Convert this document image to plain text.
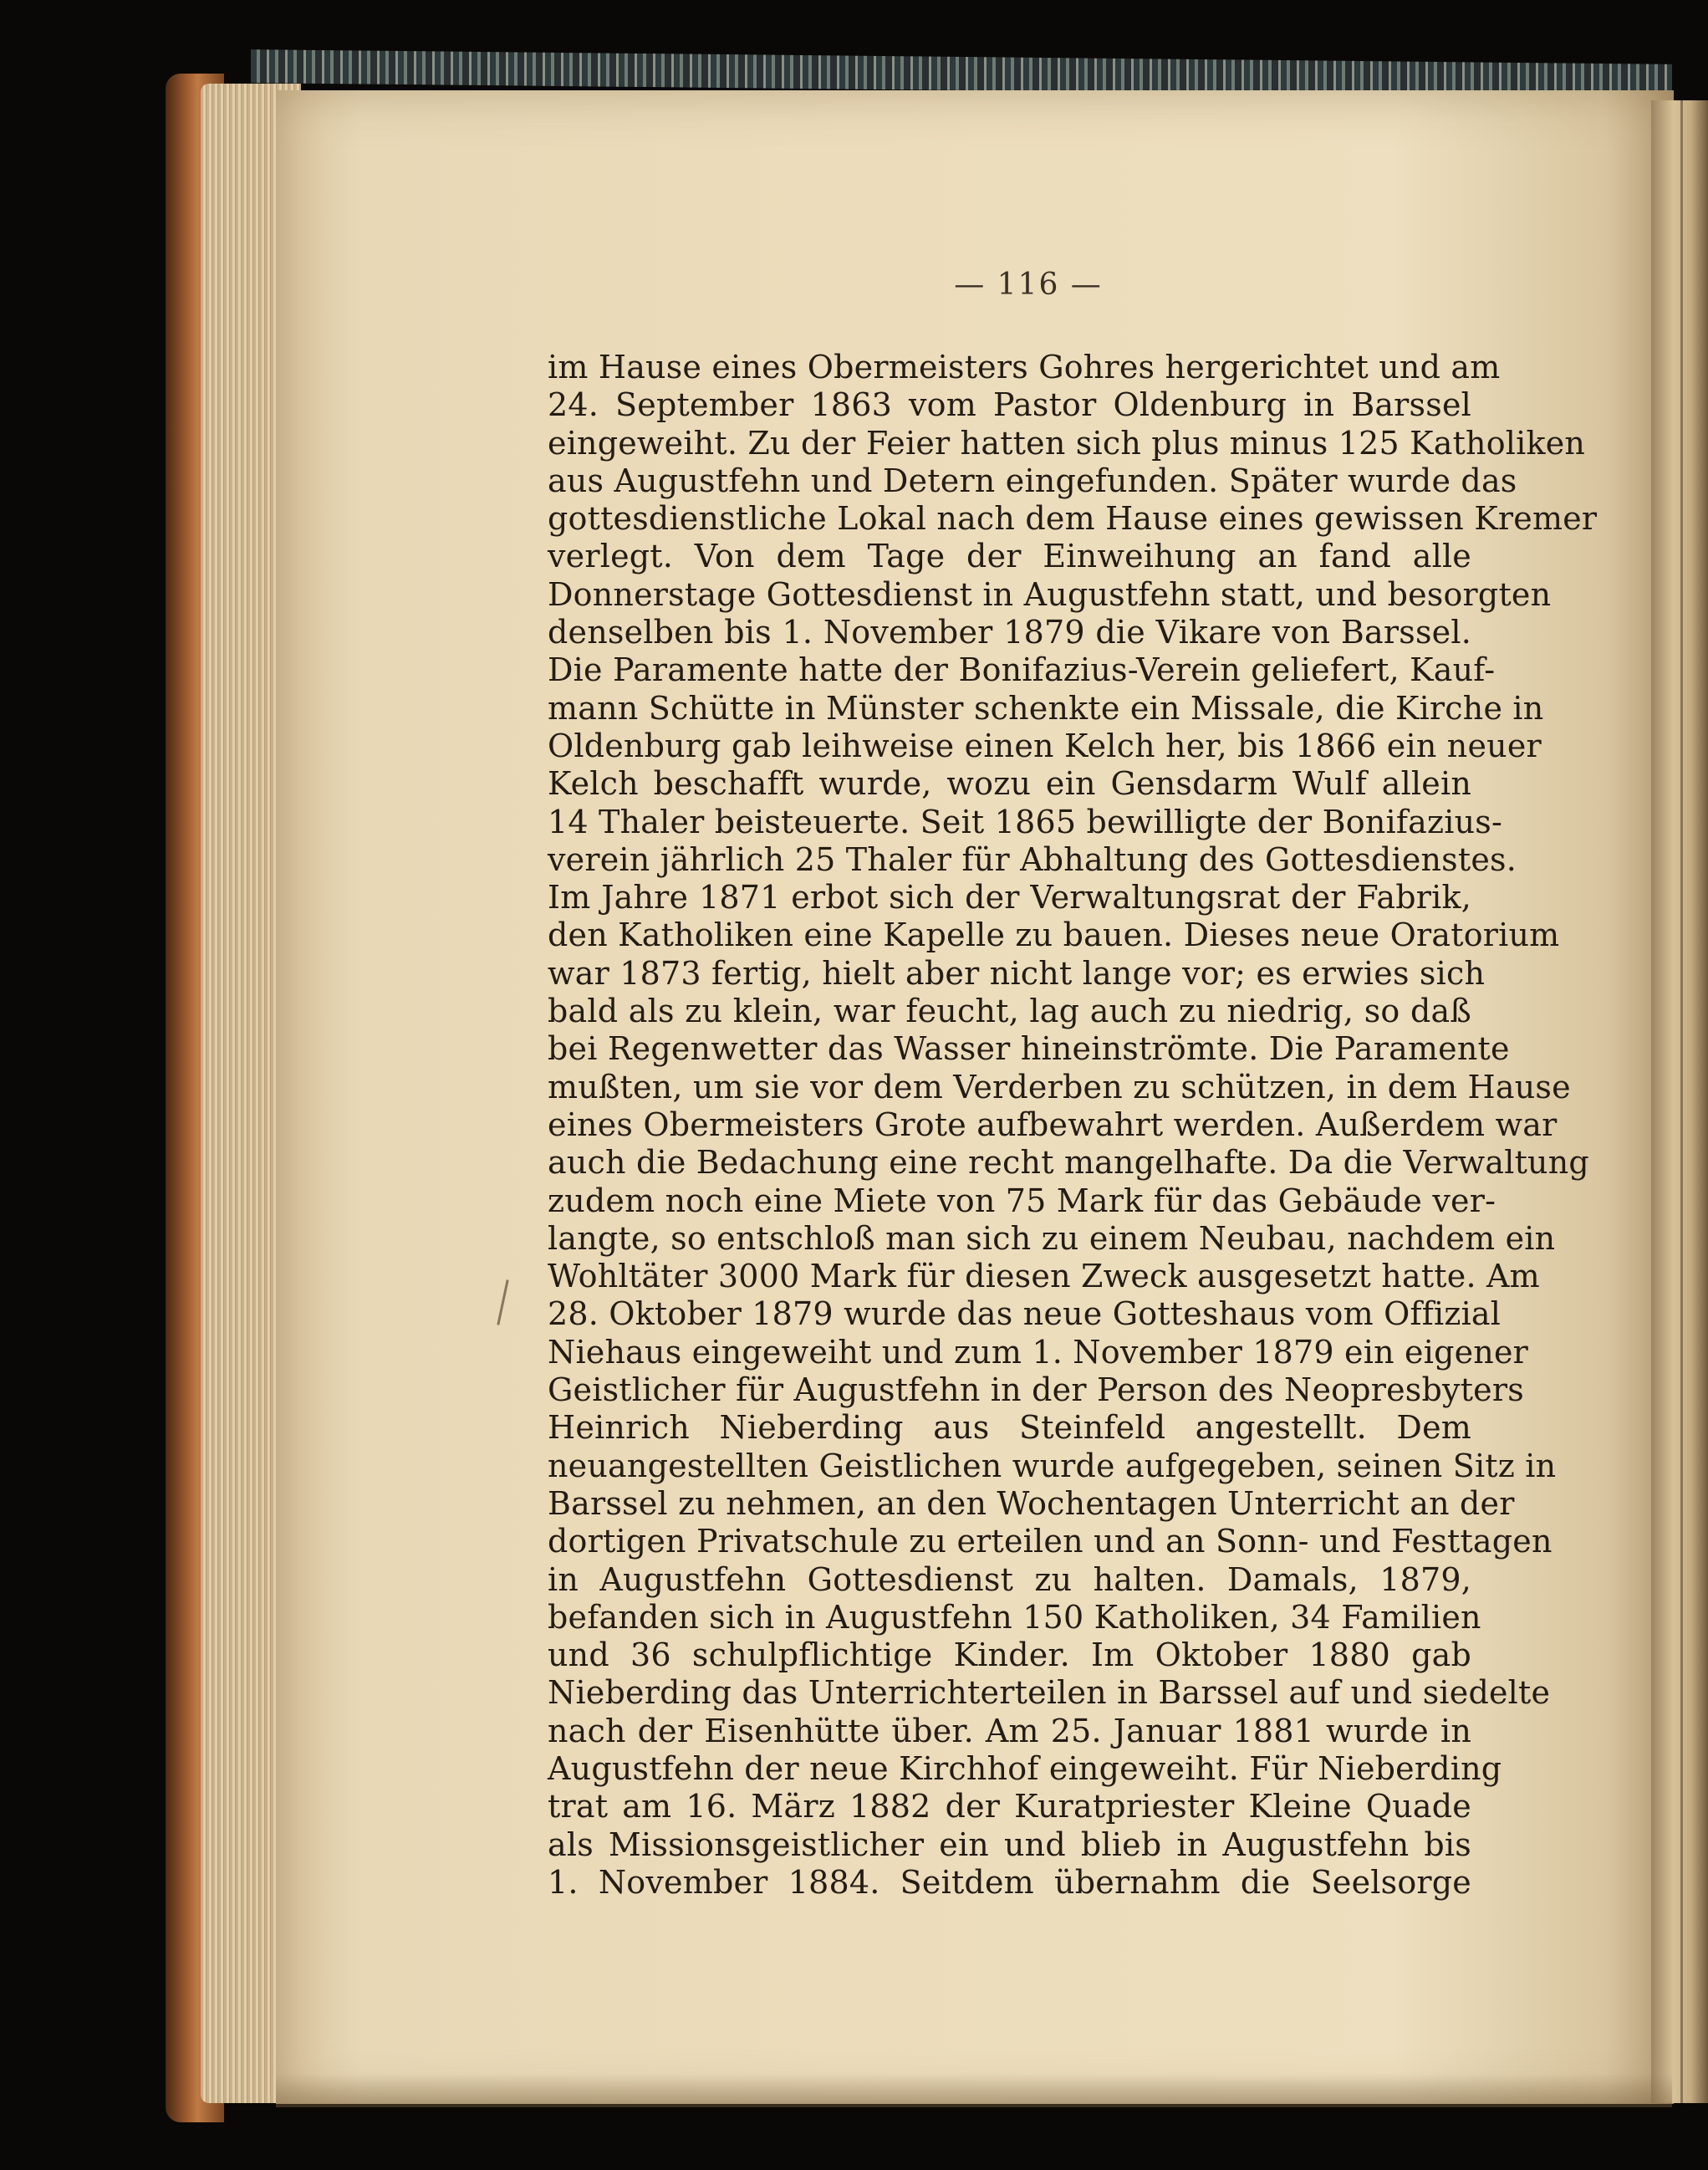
— 116 —
im Hause eines Obermeisters Gohres hergerichtet und am
24. September 1863 vom Pastor Oldenburg in Barssel
eingeweiht. Zu der Feier hatten sich plus minus 125 Katholiken
aus Augustfehn und Detern eingefunden. Später wurde das
gottesdienstliche Lokal nach dem Hause eines gewissen Kremer
verlegt. Von dem Tage der Einweihung an fand alle
Donnerstage Gottesdienst in Augustfehn statt, und besorgten
denselben bis 1. November 1879 die Vikare von Barssel.
Die Paramente hatte der Bonifazius-Verein geliefert, Kauf-
mann Schütte in Münster schenkte ein Missale, die Kirche in
Oldenburg gab leihweise einen Kelch her, bis 1866 ein neuer
Kelch beschafft wurde, wozu ein Gensdarm Wulf allein
14 Thaler beisteuerte. Seit 1865 bewilligte der Bonifazius-
verein jährlich 25 Thaler für Abhaltung des Gottesdienstes.
Im Jahre 1871 erbot sich der Verwaltungsrat der Fabrik,
den Katholiken eine Kapelle zu bauen. Dieses neue Oratorium
war 1873 fertig, hielt aber nicht lange vor; es erwies sich
bald als zu klein, war feucht, lag auch zu niedrig, so daß
bei Regenwetter das Wasser hineinströmte. Die Paramente
mußten, um sie vor dem Verderben zu schützen, in dem Hause
eines Obermeisters Grote aufbewahrt werden. Außerdem war
auch die Bedachung eine recht mangelhafte. Da die Verwaltung
zudem noch eine Miete von 75 Mark für das Gebäude ver-
langte, so entschloß man sich zu einem Neubau, nachdem ein
Wohltäter 3000 Mark für diesen Zweck ausgesetzt hatte. Am
28. Oktober 1879 wurde das neue Gotteshaus vom Offizial
Niehaus eingeweiht und zum 1. November 1879 ein eigener
Geistlicher für Augustfehn in der Person des Neopresbyters
Heinrich Nieberding aus Steinfeld angestellt. Dem
neuangestellten Geistlichen wurde aufgegeben, seinen Sitz in
Barssel zu nehmen, an den Wochentagen Unterricht an der
dortigen Privatschule zu erteilen und an Sonn- und Festtagen
in Augustfehn Gottesdienst zu halten. Damals, 1879,
befanden sich in Augustfehn 150 Katholiken, 34 Familien
und 36 schulpflichtige Kinder. Im Oktober 1880 gab
Nieberding das Unterrichterteilen in Barssel auf und siedelte
nach der Eisenhütte über. Am 25. Januar 1881 wurde in
Augustfehn der neue Kirchhof eingeweiht. Für Nieberding
trat am 16. März 1882 der Kuratpriester Kleine Quade
als Missionsgeistlicher ein und blieb in Augustfehn bis
1. November 1884. Seitdem übernahm die Seelsorge
